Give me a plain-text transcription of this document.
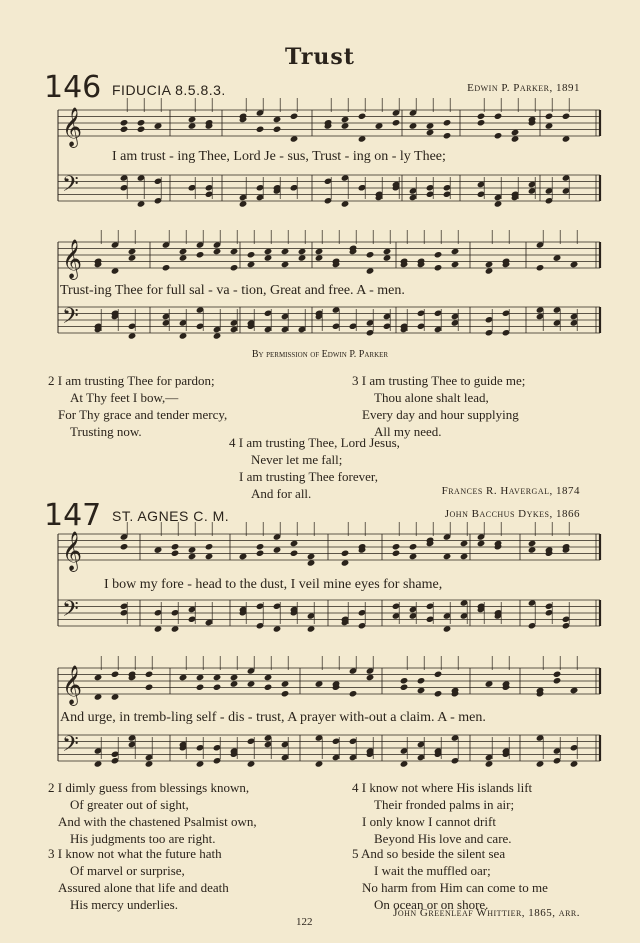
Trust
146 FIDUCIA 8.5.8.3.	Edwin P. Parker, 1891
𝄞
𝄢
𝄞
𝄢
𝄞
𝄢
𝄞
𝄢
I am trust - ing Thee, Lord Je - sus, Trust - ing on - ly Thee;
Trust-ing Thee for full sal - va - tion, Great and free. A - men.
By permission of Edwin P. Parker
2 I am trusting Thee for pardon;
At Thy feet I bow,—
For Thy grace and tender mercy,
Trusting now.
3 I am trusting Thee to guide me;
Thou alone shalt lead,
Every day and hour supplying
All my need.
4 I am trusting Thee, Lord Jesus,
Never let me fall;
I am trusting Thee forever,
And for all.	Frances R. Havergal, 1874
147 ST. AGNES C. M.	John Bacchus Dykes, 1866
I bow my fore - head to the dust, I veil mine eyes for shame,
And urge, in tremb-ling self - dis - trust, A prayer with-out a claim. A - men.
2 I dimly guess from blessings known,
Of greater out of sight,
And with the chastened Psalmist own,
His judgments too are right.
4 I know not where His islands lift
Their fronded palms in air;
I only know I cannot drift
Beyond His love and care.
3 I know not what the future hath
Of marvel or surprise,
Assured alone that life and death
His mercy underlies.
5 And so beside the silent sea
I wait the muffled oar;
No harm from Him can come to me
On ocean or on shore.
122
John Greenleaf Whittier, 1865, arr.
